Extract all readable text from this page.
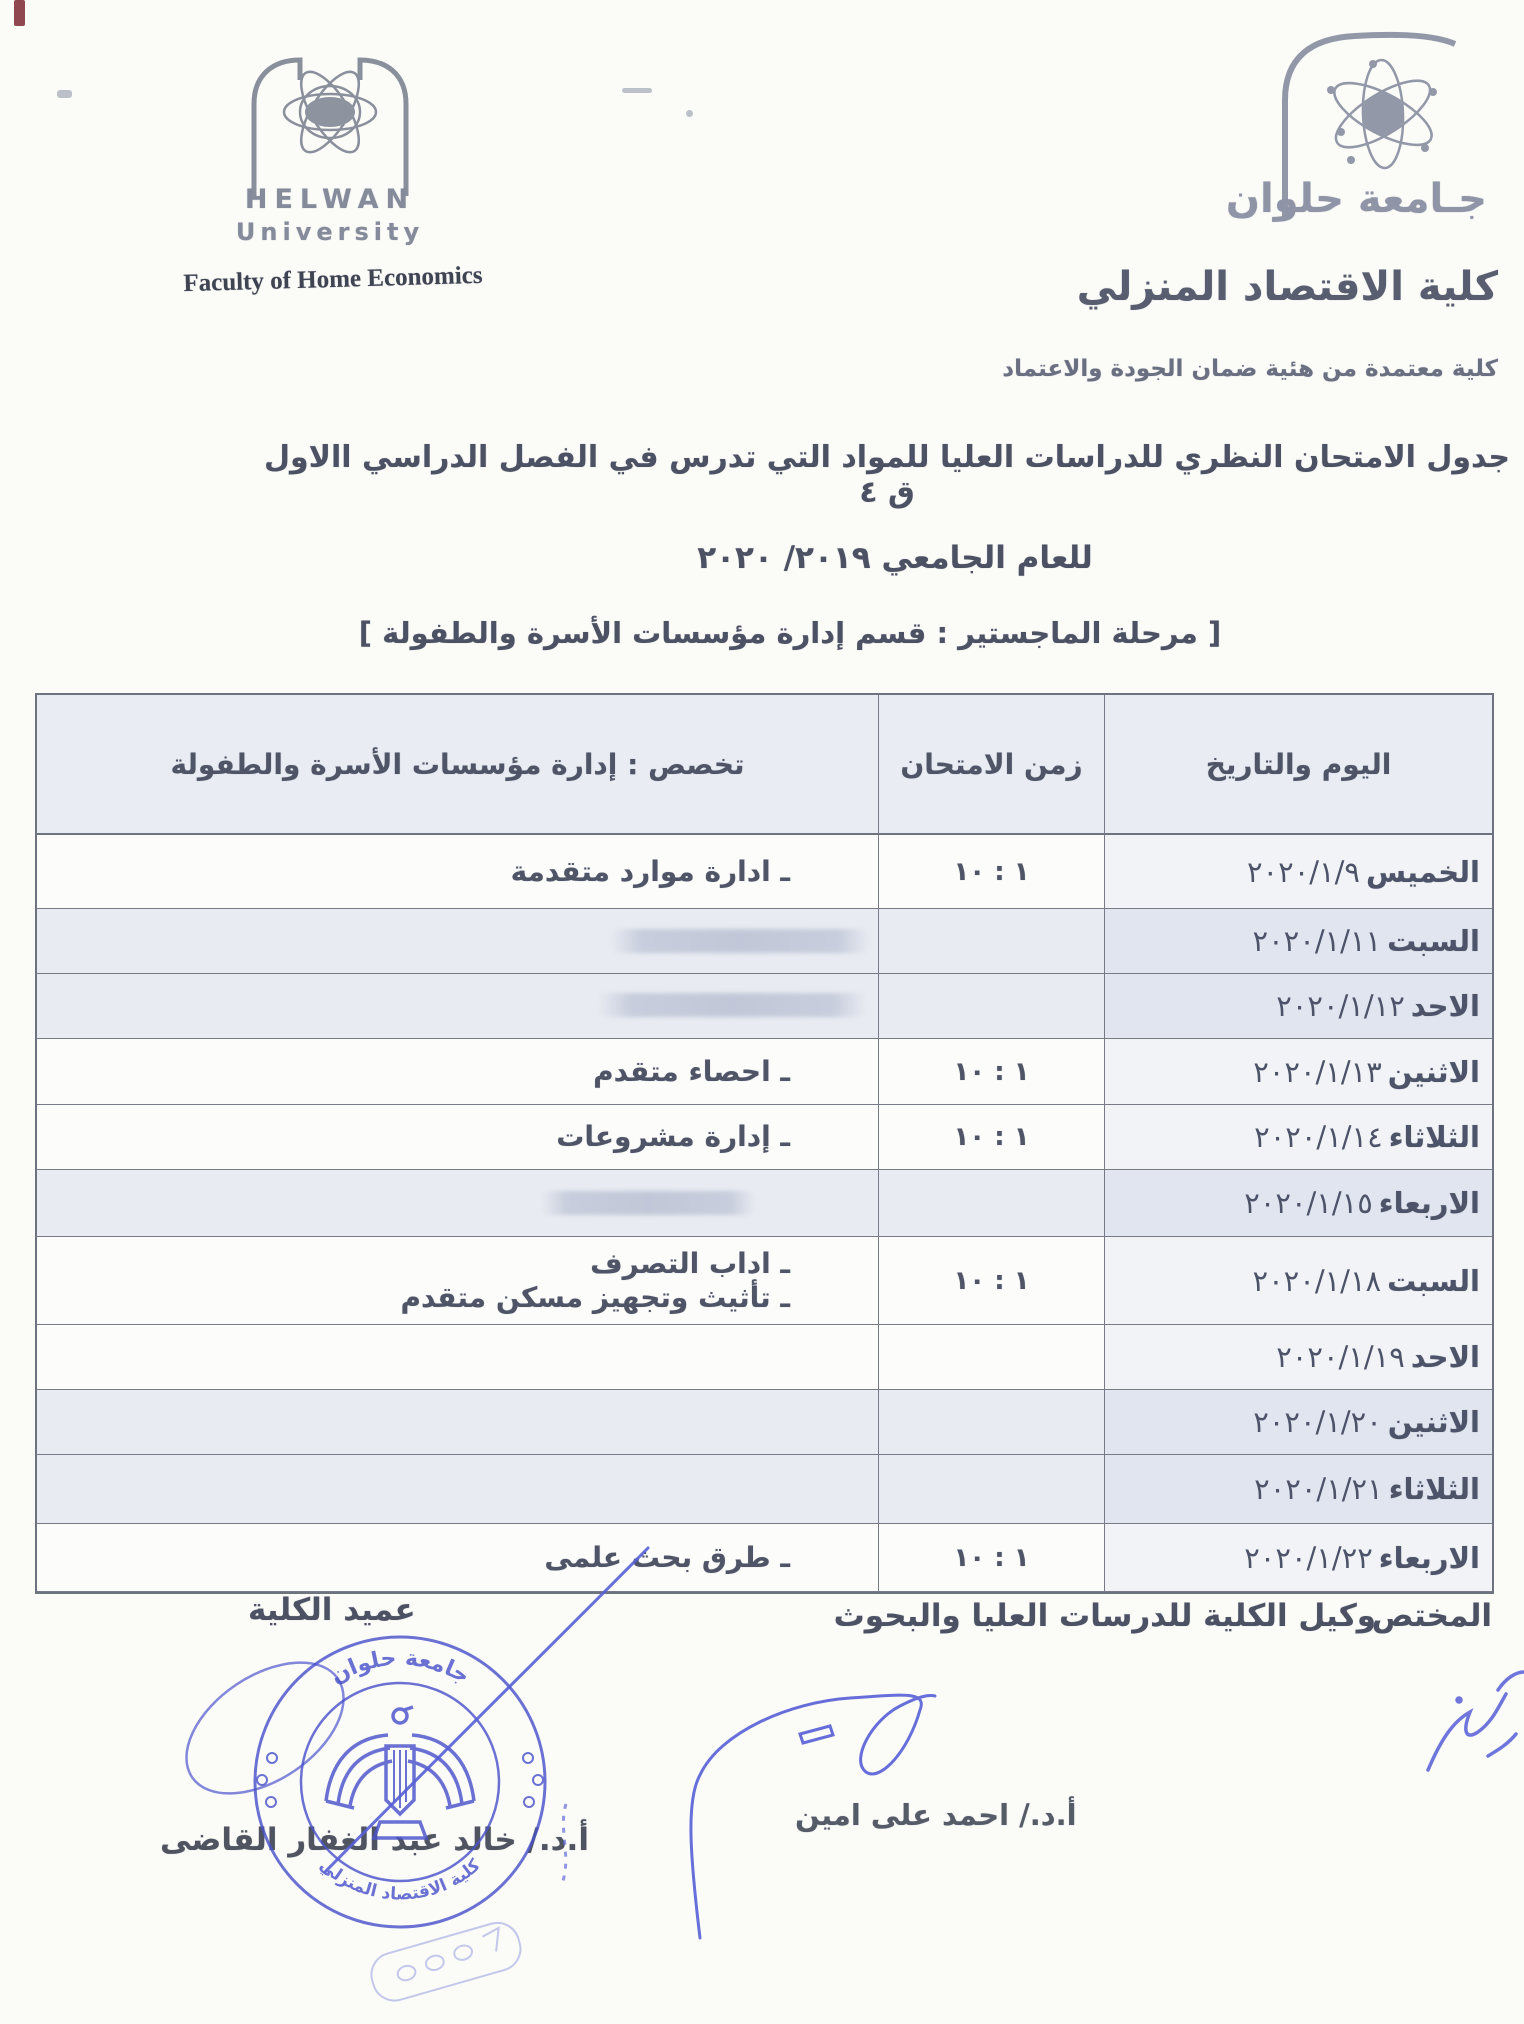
HELWAN
University
Faculty of Home Economics
جـامعة حلوان
كلية الاقتصاد المنزلي
كلية معتمدة من هئية ضمان الجودة والاعتماد
جدول الامتحان النظري للدراسات العليا للمواد التي تدرس في الفصل الدراسي االاول ق ٤
للعام الجامعي ٢٠١٩/ ٢٠٢٠
[ مرحلة الماجستير : قسم إدارة مؤسسات الأسرة والطفولة ]
اليوم والتاريخ
زمن الامتحان
تخصص : إدارة مؤسسات الأسرة والطفولة
الخميس
٢٠٢٠/١/٩
١ : ١٠
ـ ادارة موارد متقدمة
السبت
٢٠٢٠/١/١١
الاحد
٢٠٢٠/١/١٢
الاثنين
٢٠٢٠/١/١٣
١ : ١٠
ـ احصاء متقدم
الثلاثاء
٢٠٢٠/١/١٤
١ : ١٠
ـ إدارة مشروعات
الاربعاء
٢٠٢٠/١/١٥
السبت
٢٠٢٠/١/١٨
١ : ١٠
ـ اداب التصرف
ـ تأثيث وتجهيز مسكن متقدم
الاحد
٢٠٢٠/١/١٩
الاثنين
٢٠٢٠/١/٢٠
الثلاثاء
٢٠٢٠/١/٢١
الاربعاء
٢٠٢٠/١/٢٢
١ : ١٠
ـ طرق بحث علمى
المختص
وكيل الكلية للدرسات العليا والبحوث
عميد الكلية
أ.د./ احمد على امين
أ.د./ خالد عبد الغفار القاضى
جامعة حلوان
كلية الاقتصاد المنزلي
